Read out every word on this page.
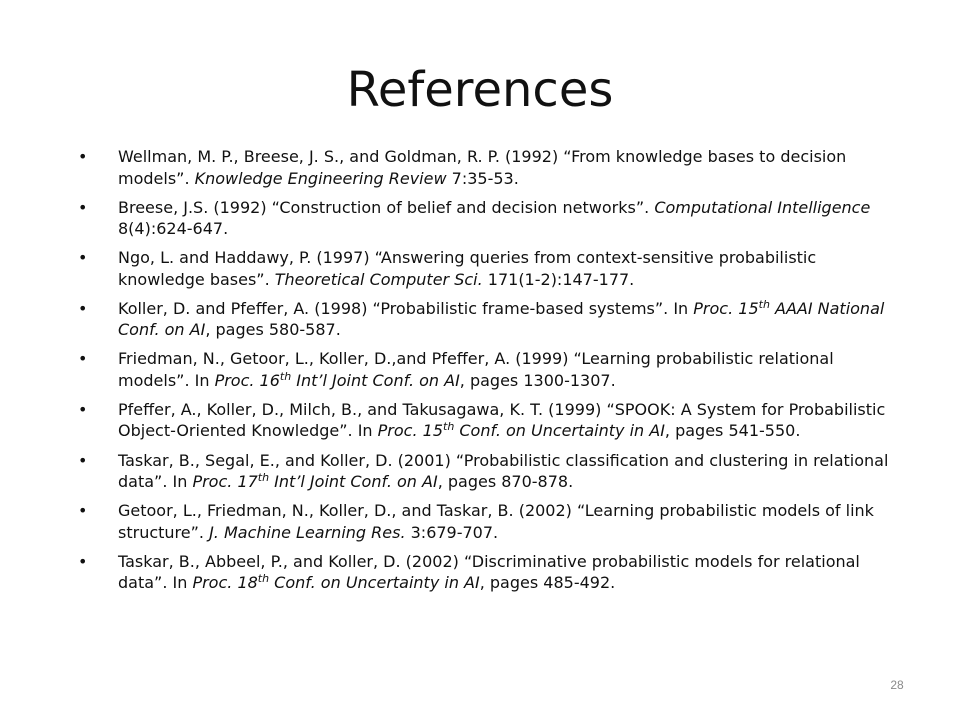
References
•	Wellman, M. P., Breese, J. S., and Goldman, R. P. (1992) “From knowledge bases to decision models”. Knowledge Engineering Review 7:35-53.
•	Breese, J.S. (1992) “Construction of belief and decision networks”. Computational Intelligence 8(4):624-647.
•	Ngo, L. and Haddawy, P. (1997) “Answering queries from context-sensitive probabilistic knowledge bases”. Theoretical Computer Sci. 171(1-2):147-177.
•	Koller, D. and Pfeffer, A. (1998) “Probabilistic frame-based systems”. In Proc. 15th AAAI National Conf. on AI, pages 580-587.
•	Friedman, N., Getoor, L., Koller, D.,and Pfeffer, A. (1999) “Learning probabilistic relational models”. In Proc. 16th Int’l Joint Conf. on AI, pages 1300-1307.
•	Pfeffer, A., Koller, D., Milch, B., and Takusagawa, K. T. (1999) “SPOOK: A System for Probabilistic Object-Oriented Knowledge”. In Proc. 15th Conf. on Uncertainty in AI, pages 541-550.
•	Taskar, B., Segal, E., and Koller, D. (2001) “Probabilistic classification and clustering in relational data”. In Proc. 17th Int’l Joint Conf. on AI, pages 870-878.
•	Getoor, L., Friedman, N., Koller, D., and Taskar, B. (2002) “Learning probabilistic models of link structure”. J. Machine Learning Res. 3:679-707.
•	Taskar, B., Abbeel, P., and Koller, D. (2002) “Discriminative probabilistic models for relational data”. In Proc. 18th Conf. on Uncertainty in AI, pages 485-492.
28
